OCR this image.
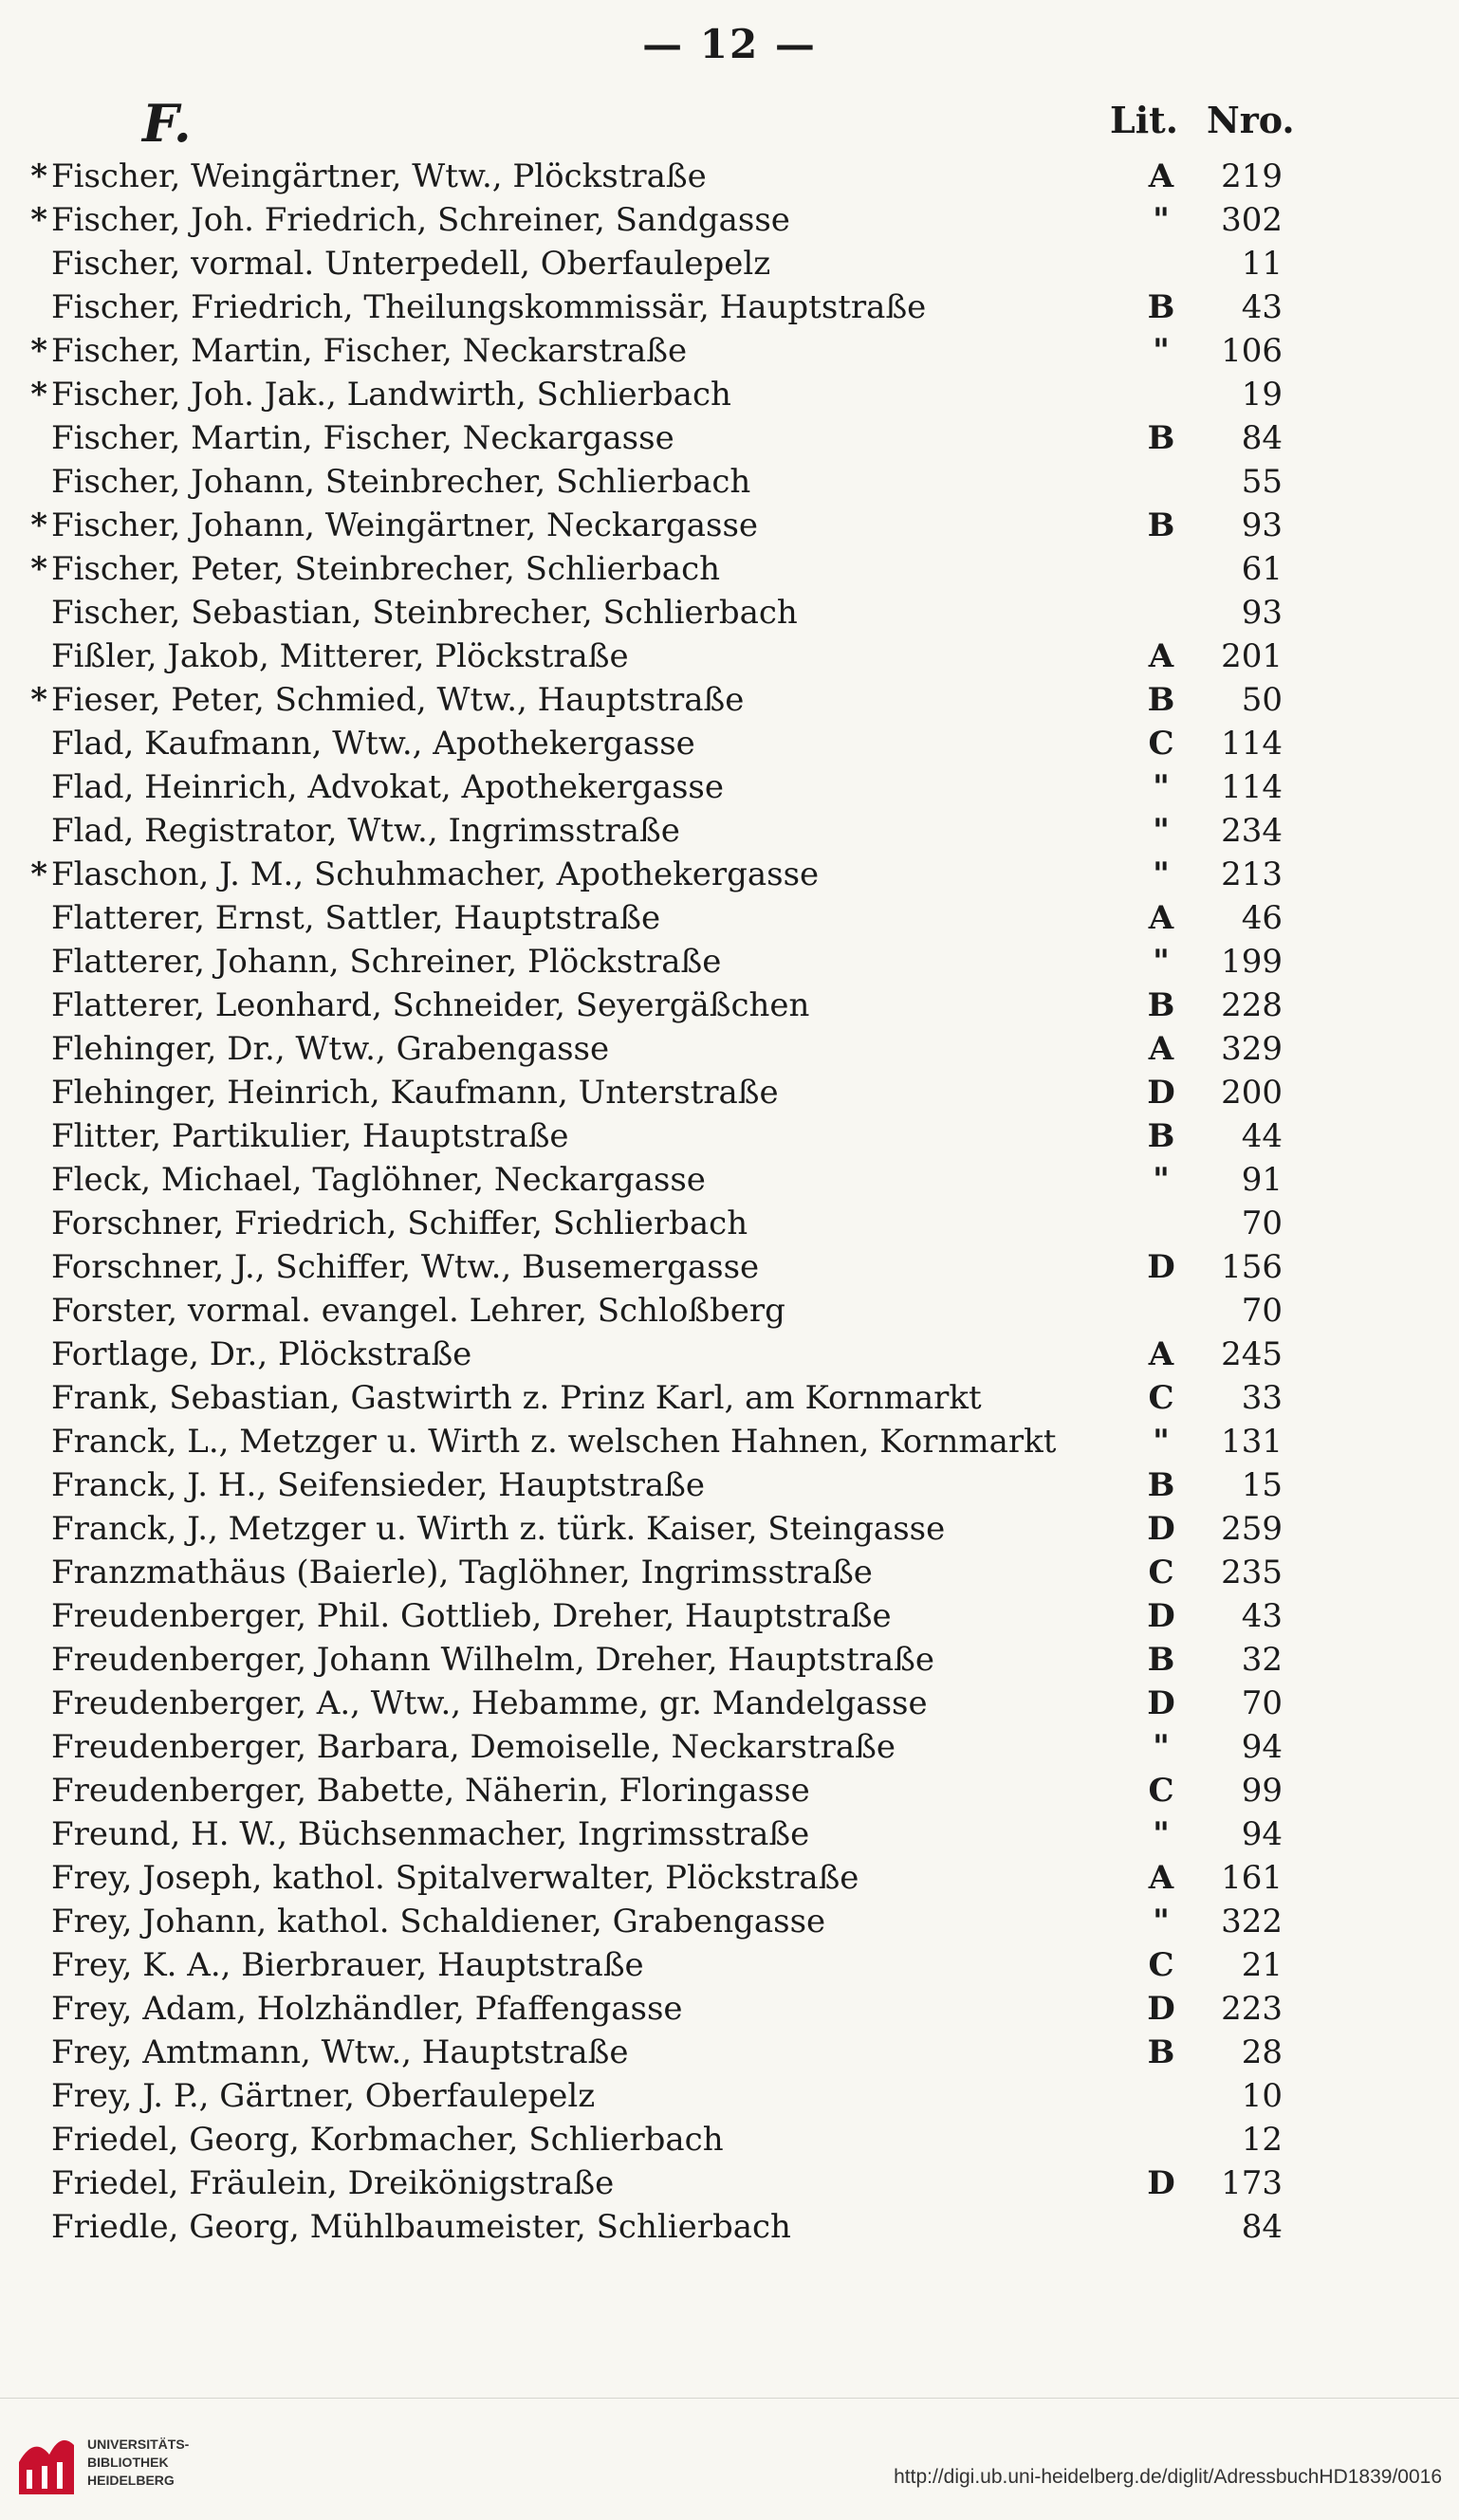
— 12 —
F.	Lit. Nro.
* Fischer, Weingärtner, Wtw., Plöckstraße	A	219
* Fischer, Joh. Friedrich, Schreiner, Sandgasse	"	302
Fischer, vormal. Unterpedell, Oberfaulepelz	11
Fischer, Friedrich, Theilungskommissär, Hauptstraße	B	43
* Fischer, Martin, Fischer, Neckarstraße	"	106
* Fischer, Joh. Jak., Landwirth, Schlierbach	19
Fischer, Martin, Fischer, Neckargasse	B	84
Fischer, Johann, Steinbrecher, Schlierbach	55
* Fischer, Johann, Weingärtner, Neckargasse	B	93
* Fischer, Peter, Steinbrecher, Schlierbach	61
Fischer, Sebastian, Steinbrecher, Schlierbach	93
Fißler, Jakob, Mitterer, Plöckstraße	A	201
* Fieser, Peter, Schmied, Wtw., Hauptstraße	B	50
Flad, Kaufmann, Wtw., Apothekergasse	C	114
Flad, Heinrich, Advokat, Apothekergasse	"	114
Flad, Registrator, Wtw., Ingrimsstraße	"	234
* Flaschon, J. M., Schuhmacher, Apothekergasse	"	213
Flatterer, Ernst, Sattler, Hauptstraße	A	46
Flatterer, Johann, Schreiner, Plöckstraße	"	199
Flatterer, Leonhard, Schneider, Seyergäßchen	B	228
Flehinger, Dr., Wtw., Grabengasse	A	329
Flehinger, Heinrich, Kaufmann, Unterstraße	D	200
Flitter, Partikulier, Hauptstraße	B	44
Fleck, Michael, Taglöhner, Neckargasse	"	91
Forschner, Friedrich, Schiffer, Schlierbach	70
Forschner, J., Schiffer, Wtw., Busemergasse	D	156
Forster, vormal. evangel. Lehrer, Schloßberg	70
Fortlage, Dr., Plöckstraße	A	245
Frank, Sebastian, Gastwirth z. Prinz Karl, am Kornmarkt	C	33
Franck, L., Metzger u. Wirth z. welschen Hahnen, Kornmarkt	"	131
Franck, J. H., Seifensieder, Hauptstraße	B	15
Franck, J., Metzger u. Wirth z. türk. Kaiser, Steingasse	D	259
Franzmathäus (Baierle), Taglöhner, Ingrimsstraße	C	235
Freudenberger, Phil. Gottlieb, Dreher, Hauptstraße	D	43
Freudenberger, Johann Wilhelm, Dreher, Hauptstraße	B	32
Freudenberger, A., Wtw., Hebamme, gr. Mandelgasse	D	70
Freudenberger, Barbara, Demoiselle, Neckarstraße	"	94
Freudenberger, Babette, Näherin, Floringasse	C	99
Freund, H. W., Büchsenmacher, Ingrimsstraße	"	94
Frey, Joseph, kathol. Spitalverwalter, Plöckstraße	A	161
Frey, Johann, kathol. Schaldiener, Grabengasse	"	322
Frey, K. A., Bierbrauer, Hauptstraße	C	21
Frey, Adam, Holzhändler, Pfaffengasse	D	223
Frey, Amtmann, Wtw., Hauptstraße	B	28
Frey, J. P., Gärtner, Oberfaulepelz	10
Friedel, Georg, Korbmacher, Schlierbach	12
Friedel, Fräulein, Dreikönigstraße	D	173
Friedle, Georg, Mühlbaumeister, Schlierbach	84
UNIVERSITÄTS-
BIBLIOTHEK
HEIDELBERG	http://digi.ub.uni-heidelberg.de/diglit/AdressbuchHD1839/0016
